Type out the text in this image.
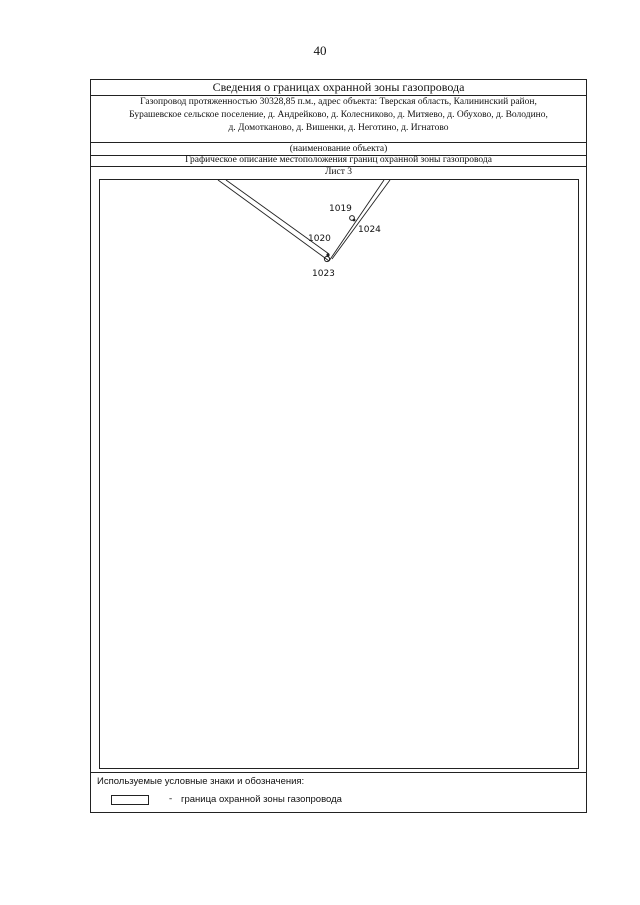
40
Сведения о границах охранной зоны газопровода
Газопровод протяженностью 30328,85 п.м., адрес объекта: Тверская область, Калининский район,
Бурашевское сельское поселение, д. Андрейково, д. Колесниково, д. Митяево, д. Обухово, д. Володино,
д. Домотканово, д. Вишенки, д. Неготино, д. Игнатово
(наименование объекта)
Графическое описание местоположения границ охранной зоны газопровода
Лист 3
1019
1020
1023
1024
Используемые условные знаки и обозначения:
- граница охранной зоны газопровода
